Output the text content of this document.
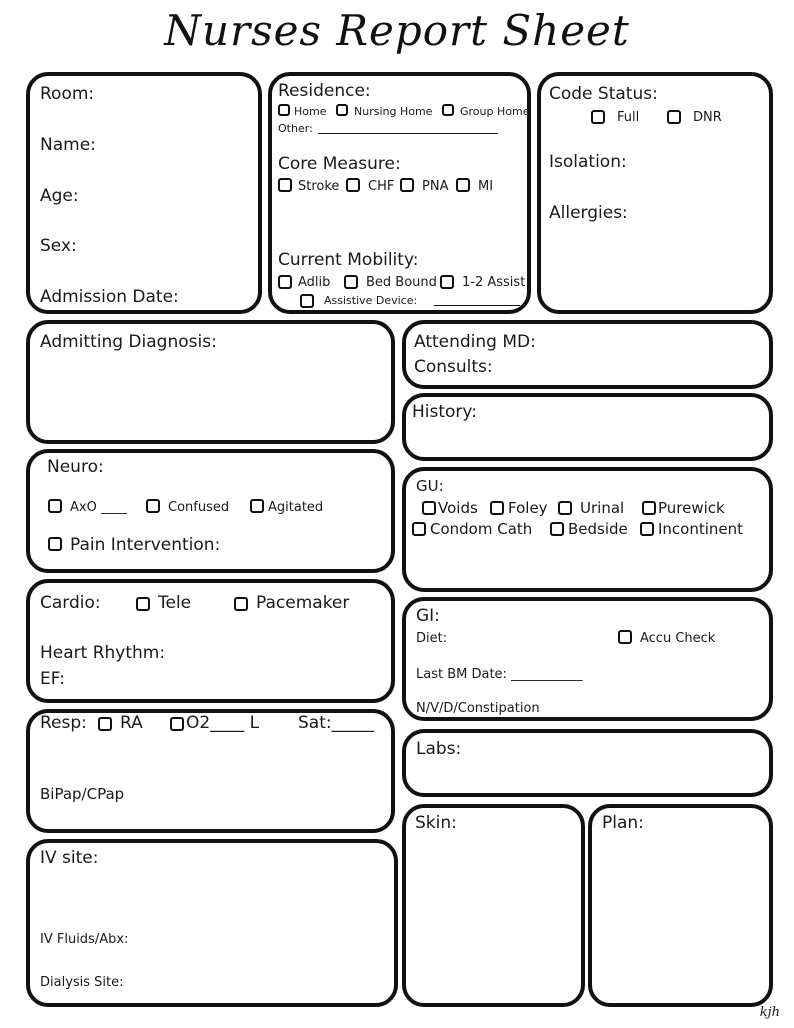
Nurses Report Sheet
Room:
Name:
Age:
Sex:
Admission Date:
Residence:
Home	Nursing Home	Group Home
Other:
Core Measure:
Stroke CHF PNA MI
Current Mobility:
Adlib	Bed Bound 1-2 Assist
Assistive Device:
Code Status:
Full	DNR
Isolation:
Allergies:
Admitting Diagnosis:	Attending MD:
Consults:
History:
Neuro:
AxO ____	Confused	Agitated
Pain Intervention:
GU:
Voids Foley Urinal Purewick
Condom Cath Bedside Incontinent
Cardio:	Tele	Pacemaker
Heart Rhythm:
EF:
GI:
Diet:	Accu Check
Last BM Date: ___________
N/V/D/Constipation
Resp: RA	O2____ L Sat:_____
BiPap/CPap
Labs:
IV site:
IV Fluids/Abx:
Dialysis Site:
Skin:	Plan:
kjh
